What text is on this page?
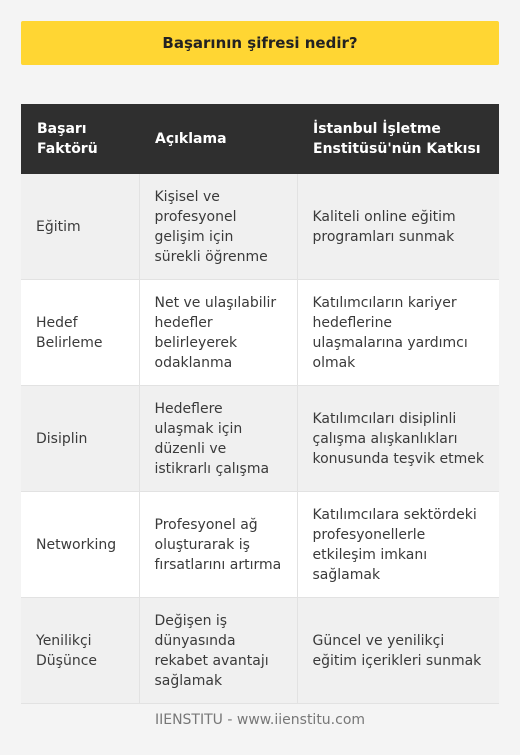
Başarının şifresi nedir?
Başarı Faktörü	Açıklama	İstanbul İşletme Enstitüsü'nün Katkısı
Eğitim	Kişisel ve profesyonel gelişim için sürekli öğrenme	Kaliteli online eğitim programları sunmak
Hedef Belirleme	Net ve ulaşılabilir hedefler belirleyerek odaklanma	Katılımcıların kariyer hedeflerine ulaşmalarına yardımcı olmak
Disiplin	Hedeflere ulaşmak için düzenli ve istikrarlı çalışma	Katılımcıları disiplinli çalışma alışkanlıkları konusunda teşvik etmek
Networking	Profesyonel ağ oluşturarak iş fırsatlarını artırma	Katılımcılara sektördeki profesyonellerle etkileşim imkanı sağlamak
Yenilikçi Düşünce	Değişen iş dünyasında rekabet avantajı sağlamak	Güncel ve yenilikçi eğitim içerikleri sunmak
IIENSTITU - www.iienstitu.com
